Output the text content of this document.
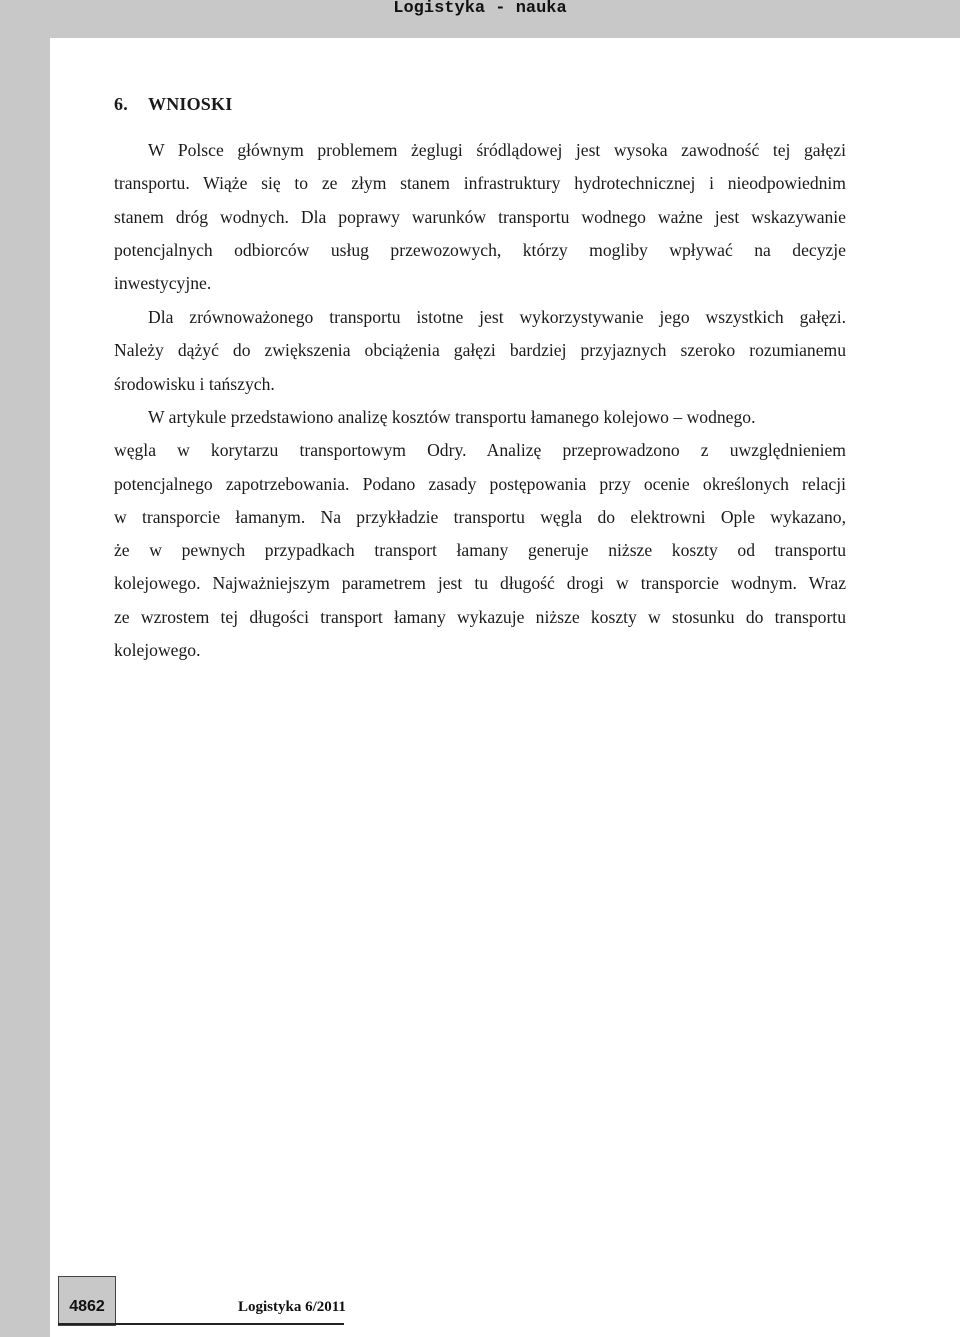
Logistyka - nauka
6. WNIOSKI

W Polsce głównym problemem żeglugi śródlądowej jest wysoka zawodność tej gałęzi
transportu. Wiąże się to ze złym stanem infrastruktury hydrotechnicznej i nieodpowiednim
stanem dróg wodnych. Dla poprawy warunków transportu wodnego ważne jest wskazywanie
potencjalnych odbiorców usług przewozowych, którzy mogliby wpływać na decyzje
inwestycyjne.

Dla zrównoważonego transportu istotne jest wykorzystywanie jego wszystkich gałęzi.
Należy dążyć do zwiększenia obciążenia gałęzi bardziej przyjaznych szeroko rozumianemu
środowisku i tańszych.

W artykule przedstawiono analizę kosztów transportu łamanego kolejowo – wodnego.
węgla w korytarzu transportowym Odry. Analizę przeprowadzono z uwzględnieniem
potencjalnego zapotrzebowania. Podano zasady postępowania przy ocenie określonych relacji
w transporcie łamanym. Na przykładzie transportu węgla do elektrowni Ople wykazano,
że w pewnych przypadkach transport łamany generuje niższe koszty od transportu
kolejowego. Najważniejszym parametrem jest tu długość drogi w transporcie wodnym. Wraz
ze wzrostem tej długości transport łamany wykazuje niższe koszty w stosunku do transportu
kolejowego.

4862	Logistyka 6/2011
